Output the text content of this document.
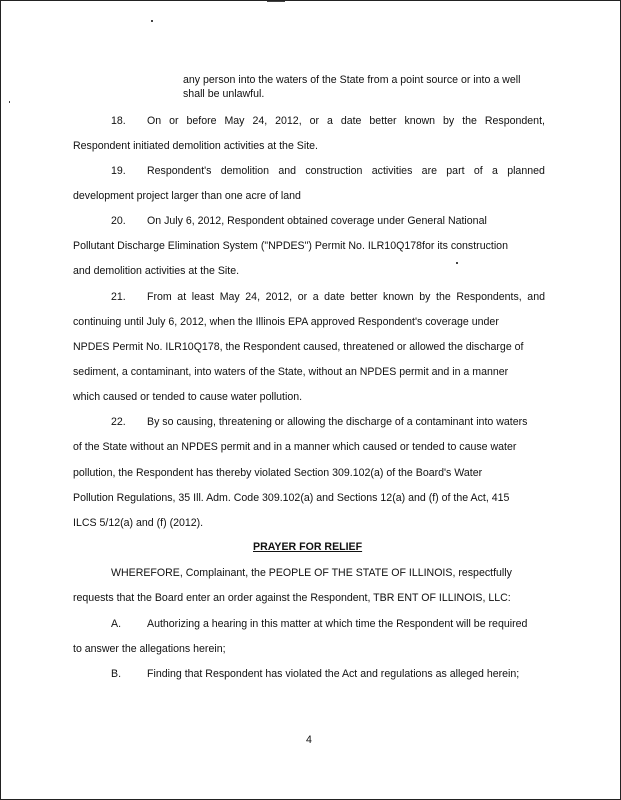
any person into the waters of the State from a point source or into a well
shall be unlawful.
18. On or before May 24, 2012, or a date better known by the Respondent,
Respondent initiated demolition activities at the Site.
19. Respondent's demolition and construction activities are part of a planned
development project larger than one acre of land
20. On July 6, 2012, Respondent obtained coverage under General National
Pollutant Discharge Elimination System ("NPDES") Permit No. ILR10Q178for its construction
and demolition activities at the Site.
21. From at least May 24, 2012, or a date better known by the Respondents, and
continuing until July 6, 2012, when the Illinois EPA approved Respondent's coverage under
NPDES Permit No. ILR10Q178, the Respondent caused, threatened or allowed the discharge of
sediment, a contaminant, into waters of the State, without an NPDES permit and in a manner
which caused or tended to cause water pollution.
22. By so causing, threatening or allowing the discharge of a contaminant into waters
of the State without an NPDES permit and in a manner which caused or tended to cause water
pollution, the Respondent has thereby violated Section 309.102(a) of the Board's Water
Pollution Regulations, 35 Ill. Adm. Code 309.102(a) and Sections 12(a) and (f) of the Act, 415
ILCS 5/12(a) and (f) (2012).
PRAYER FOR RELIEF
WHEREFORE, Complainant, the PEOPLE OF THE STATE OF ILLINOIS, respectfully
requests that the Board enter an order against the Respondent, TBR ENT OF ILLINOIS, LLC:
A. Authorizing a hearing in this matter at which time the Respondent will be required
to answer the allegations herein;
B. Finding that Respondent has violated the Act and regulations as alleged herein;
4
